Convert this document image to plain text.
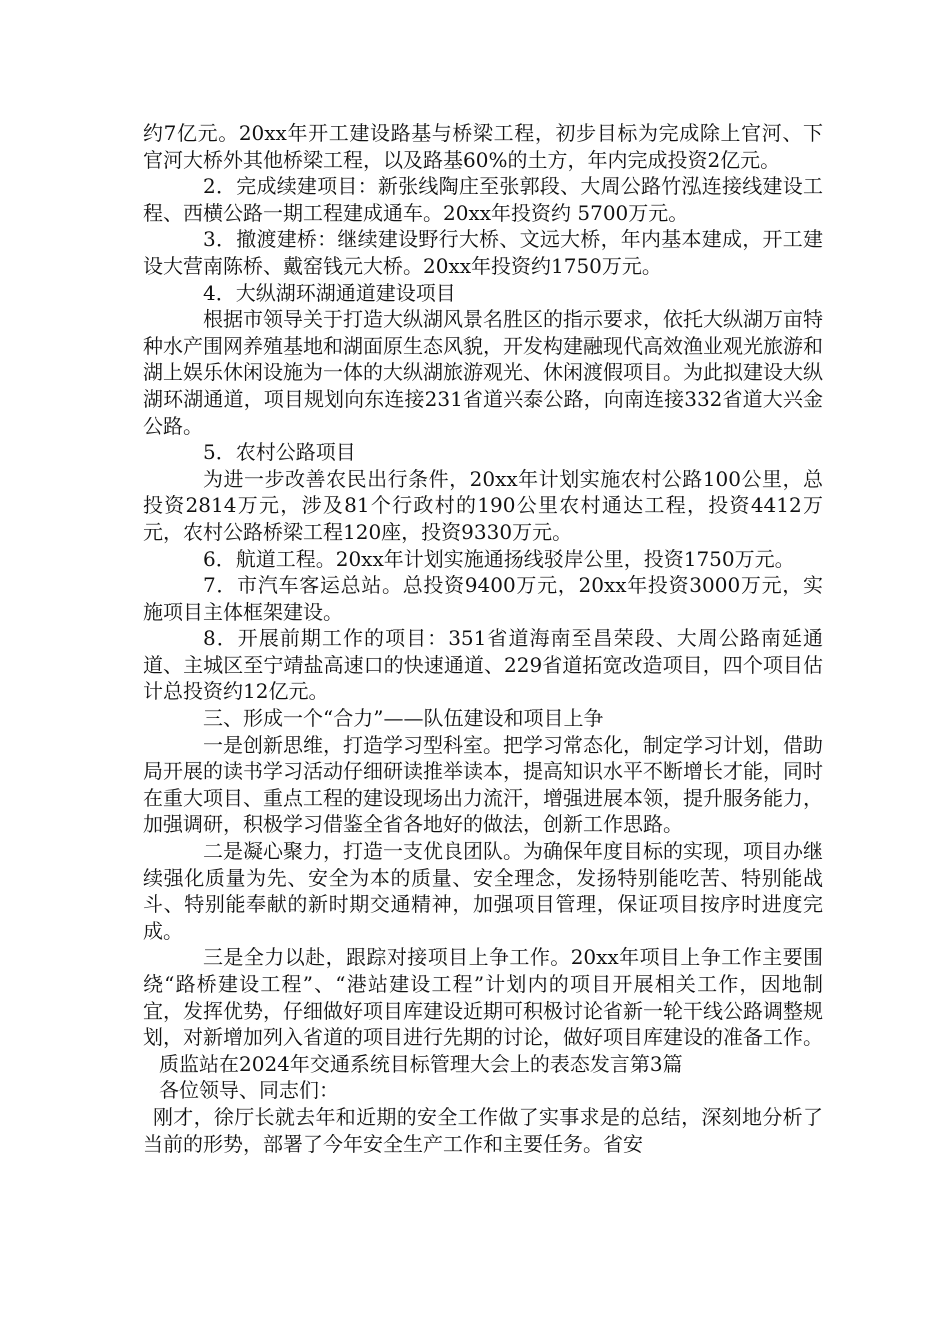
约7亿元。20xx年开工建设路基与桥梁工程，初步目标为完成除上官河、下官河大桥外其他桥梁工程，以及路基60%的土方，年内完成投资2亿元。

2．完成续建项目：新张线陶庄至张郭段、大周公路竹泓连接线建设工程、西横公路一期工程建成通车。20xx年投资约 5700万元。

3．撤渡建桥：继续建设野行大桥、文远大桥，年内基本建成，开工建设大营南陈桥、戴窑钱元大桥。20xx年投资约1750万元。

4．大纵湖环湖通道建设项目

根据市领导关于打造大纵湖风景名胜区的指示要求，依托大纵湖万亩特种水产围网养殖基地和湖面原生态风貌，开发构建融现代高效渔业观光旅游和湖上娱乐休闲设施为一体的大纵湖旅游观光、休闲渡假项目。为此拟建设大纵湖环湖通道，项目规划向东连接231省道兴泰公路，向南连接332省道大兴金公路。

5．农村公路项目

为进一步改善农民出行条件，20xx年计划实施农村公路100公里，总投资2814万元，涉及81个行政村的190公里农村通达工程，投资4412万元，农村公路桥梁工程120座，投资9330万元。

6．航道工程。20xx年计划实施通扬线驳岸公里，投资1750万元。

7．市汽车客运总站。总投资9400万元，20xx年投资3000万元，实施项目主体框架建设。

8．开展前期工作的项目：351省道海南至昌荣段、大周公路南延通道、主城区至宁靖盐高速口的快速通道、229省道拓宽改造项目，四个项目估计总投资约12亿元。

三、形成一个“合力”——队伍建设和项目上争

一是创新思维，打造学习型科室。把学习常态化，制定学习计划，借助局开展的读书学习活动仔细研读推举读本，提高知识水平不断增长才能，同时在重大项目、重点工程的建设现场出力流汗，增强进展本领，提升服务能力，加强调研，积极学习借鉴全省各地好的做法，创新工作思路。

二是凝心聚力，打造一支优良团队。为确保年度目标的实现，项目办继续强化质量为先、安全为本的质量、安全理念，发扬特别能吃苦、特别能战斗、特别能奉献的新时期交通精神，加强项目管理，保证项目按序时进度完成。

三是全力以赴，跟踪对接项目上争工作。20xx年项目上争工作主要围绕“路桥建设工程”、“港站建设工程”计划内的项目开展相关工作，因地制宜，发挥优势，仔细做好项目库建设近期可积极讨论省新一轮干线公路调整规划，对新增加列入省道的项目进行先期的讨论，做好项目库建设的准备工作。

质监站在2024年交通系统目标管理大会上的表态发言第3篇

各位领导、同志们：

刚才，徐厅长就去年和近期的安全工作做了实事求是的总结，深刻地分析了当前的形势，部署了今年安全生产工作和主要任务。省安
